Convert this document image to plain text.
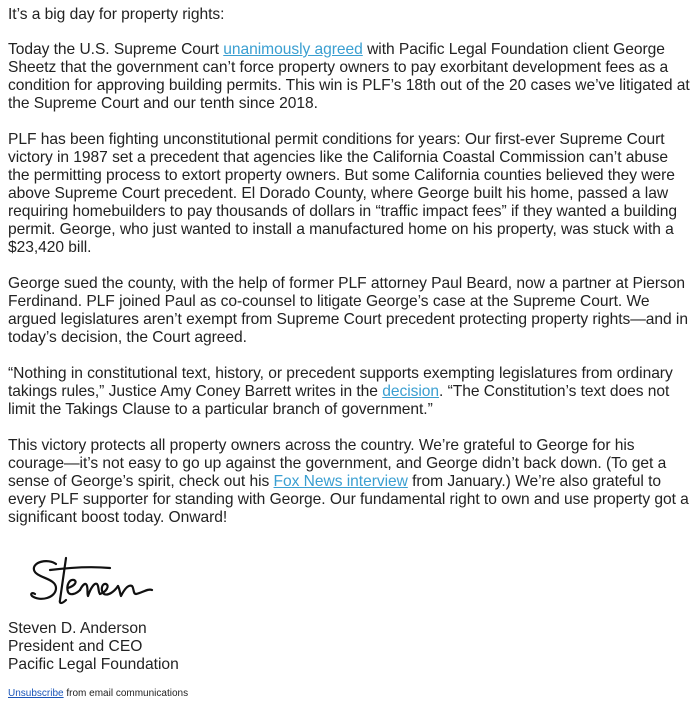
It’s a big day for property rights:

Today the U.S. Supreme Court unanimously agreed with Pacific Legal Foundation client George Sheetz that the government can’t force property owners to pay exorbitant development fees as a condition for approving building permits. This win is PLF’s 18th out of the 20 cases we’ve litigated at the Supreme Court and our tenth since 2018.

PLF has been fighting unconstitutional permit conditions for years: Our first-ever Supreme Court victory in 1987 set a precedent that agencies like the California Coastal Commission can’t abuse the permitting process to extort property owners. But some California counties believed they were above Supreme Court precedent. El Dorado County, where George built his home, passed a law requiring homebuilders to pay thousands of dollars in “traffic impact fees” if they wanted a building permit. George, who just wanted to install a manufactured home on his property, was stuck with a $23,420 bill.

George sued the county, with the help of former PLF attorney Paul Beard, now a partner at Pierson Ferdinand. PLF joined Paul as co-counsel to litigate George’s case at the Supreme Court. We argued legislatures aren’t exempt from Supreme Court precedent protecting property rights—and in today’s decision, the Court agreed.

“Nothing in constitutional text, history, or precedent supports exempting legislatures from ordinary takings rules,” Justice Amy Coney Barrett writes in the decision. “The Constitution’s text does not limit the Takings Clause to a particular branch of government.”

This victory protects all property owners across the country. We’re grateful to George for his courage—it’s not easy to go up against the government, and George didn’t back down. (To get a sense of George’s spirit, check out his Fox News interview from January.) We’re also grateful to every PLF supporter for standing with George. Our fundamental right to own and use property got a significant boost today. Onward!

Steven D. Anderson
President and CEO
Pacific Legal Foundation
Unsubscribe from email communications
